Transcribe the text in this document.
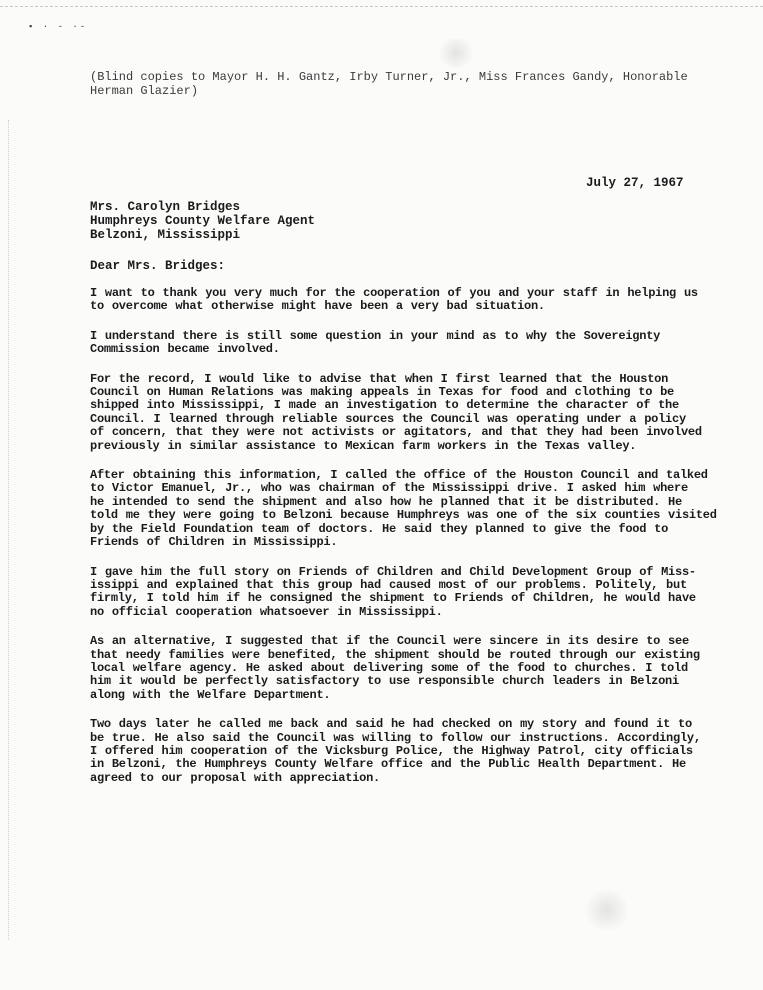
▪ · ‐ ·‐
(Blind copies to Mayor H. H. Gantz, Irby Turner, Jr., Miss Frances Gandy, Honorable
Herman Glazier)
July 27, 1967
Mrs. Carolyn Bridges
Humphreys County Welfare Agent
Belzoni, Mississippi
Dear Mrs. Bridges:

I want to thank you very much for the cooperation of you and your staff in helping us
to overcome what otherwise might have been a very bad situation.

I understand there is still some question in your mind as to why the Sovereignty
Commission became involved.

For the record, I would like to advise that when I first learned that the Houston
Council on Human Relations was making appeals in Texas for food and clothing to be
shipped into Mississippi, I made an investigation to determine the character of the
Council. I learned through reliable sources the Council was operating under a policy
of concern, that they were not activists or agitators, and that they had been involved
previously in similar assistance to Mexican farm workers in the Texas valley.

After obtaining this information, I called the office of the Houston Council and talked
to Victor Emanuel, Jr., who was chairman of the Mississippi drive. I asked him where
he intended to send the shipment and also how he planned that it be distributed. He
told me they were going to Belzoni because Humphreys was one of the six counties visited
by the Field Foundation team of doctors. He said they planned to give the food to
Friends of Children in Mississippi.

I gave him the full story on Friends of Children and Child Development Group of Miss-
issippi and explained that this group had caused most of our problems. Politely, but
firmly, I told him if he consigned the shipment to Friends of Children, he would have
no official cooperation whatsoever in Mississippi.

As an alternative, I suggested that if the Council were sincere in its desire to see
that needy families were benefited, the shipment should be routed through our existing
local welfare agency. He asked about delivering some of the food to churches. I told
him it would be perfectly satisfactory to use responsible church leaders in Belzoni
along with the Welfare Department.

Two days later he called me back and said he had checked on my story and found it to
be true. He also said the Council was willing to follow our instructions. Accordingly,
I offered him cooperation of the Vicksburg Police, the Highway Patrol, city officials
in Belzoni, the Humphreys County Welfare office and the Public Health Department. He
agreed to our proposal with appreciation.
